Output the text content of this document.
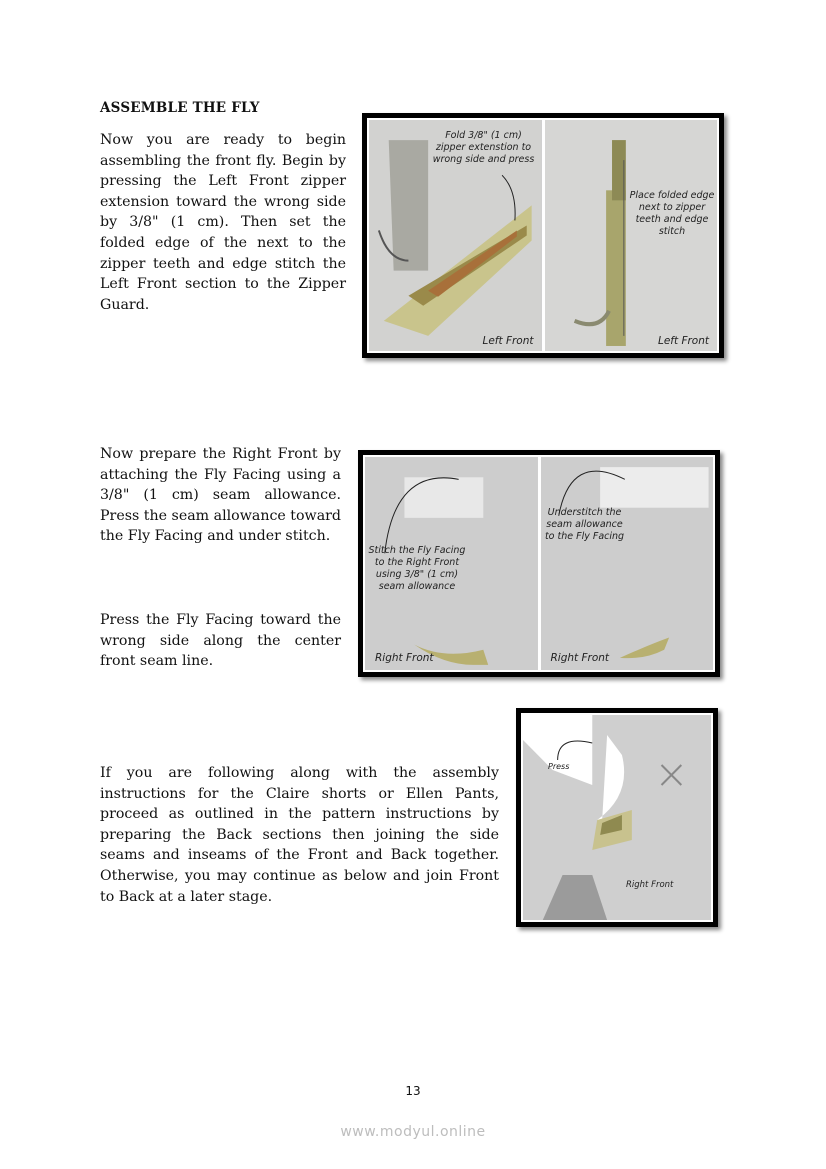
ASSEMBLE THE FLY
Now you are ready to begin assembling the front fly. Begin by pressing the Left Front zipper extension toward the wrong side by 3/8" (1 cm). Then set the folded edge of the next to the zipper teeth and edge stitch the Left Front section to the Zipper Guard.
Now prepare the Right Front by attaching the Fly Facing using a 3/8" (1 cm) seam allowance. Press the seam allowance toward the Fly Facing and under stitch.
Press the Fly Facing toward the wrong side along the center front seam line.
If you are following along with the assembly instructions for the Claire shorts or Ellen Pants, proceed as outlined in the pattern instructions by preparing the Back sections then joining the side seams and inseams of the Front and Back together. Otherwise, you may continue as below and join Front to Back at a later stage.
Fold 3/8" (1 cm) zipper extenstion to wrong side and press
Left Front
Place folded edge next to zipper teeth and edge stitch
Left Front
Stitch the Fly Facing to the Right Front using 3/8" (1 cm) seam allowance
Right Front
Understitch the seam allowance to the Fly Facing
Right Front
Press
Right Front
13
www.modyul.online
